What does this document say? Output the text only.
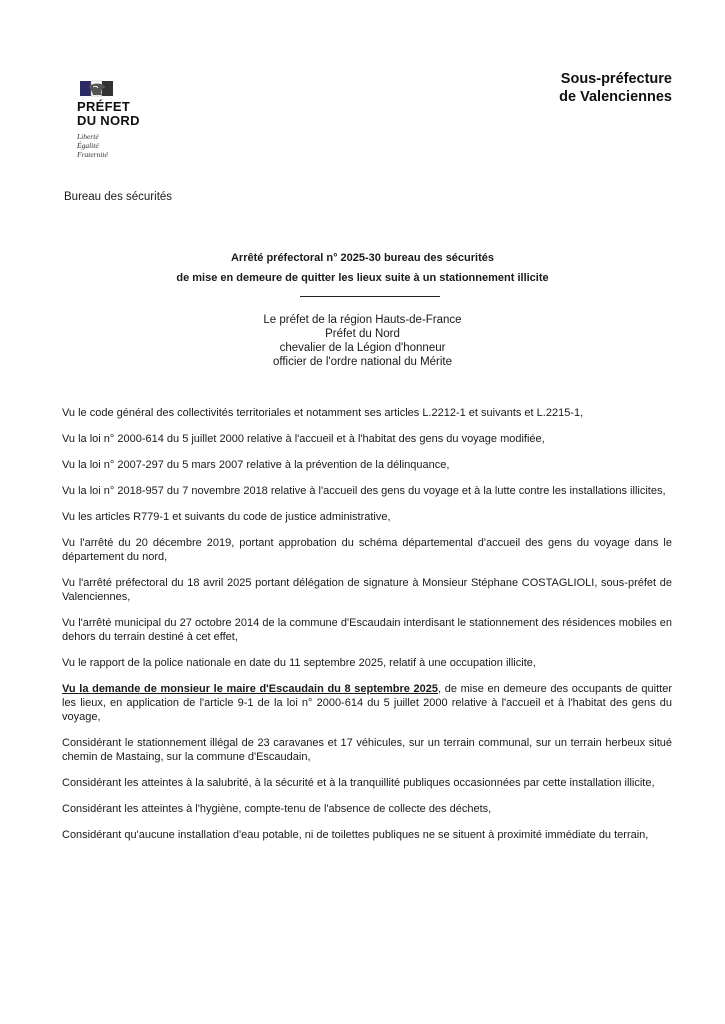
PRÉFET
DU NORD
Liberté
Égalité
Fraternité
Sous-préfecture
de Valenciennes
Bureau des sécurités
Arrêté préfectoral n° 2025-30 bureau des sécurités
de mise en demeure de quitter les lieux suite à un stationnement illicite
Le préfet de la région Hauts-de-France
Préfet du Nord
chevalier de la Légion d'honneur
officier de l'ordre national du Mérite

Vu le code général des collectivités territoriales et notamment ses articles L.2212-1 et suivants et L.2215-1,

Vu la loi n° 2000-614 du 5 juillet 2000 relative à l'accueil et à l'habitat des gens du voyage modifiée,

Vu la loi n° 2007-297 du 5 mars 2007 relative à la prévention de la délinquance,

Vu la loi n° 2018-957 du 7 novembre 2018 relative à l'accueil des gens du voyage et à la lutte contre les installations illicites,

Vu les articles R779-1 et suivants du code de justice administrative,

Vu l'arrêté du 20 décembre 2019, portant approbation du schéma départemental d'accueil des gens du voyage dans le département du nord,

Vu l'arrêté préfectoral du 18 avril 2025 portant délégation de signature à Monsieur Stéphane COSTAGLIOLI, sous-préfet de Valenciennes,

Vu l'arrêté municipal du 27 octobre 2014 de la commune d'Escaudain interdisant le stationnement des résidences mobiles en dehors du terrain destiné à cet effet,

Vu le rapport de la police nationale en date du 11 septembre 2025, relatif à une occupation illicite,

Vu la demande de monsieur le maire d'Escaudain du 8 septembre 2025, de mise en demeure des occupants de quitter les lieux, en application de l'article 9-1 de la loi n° 2000-614 du 5 juillet 2000 relative à l'accueil et à l'habitat des gens du voyage,

Considérant le stationnement illégal de 23 caravanes et 17 véhicules, sur un terrain communal, sur un terrain herbeux situé chemin de Mastaing, sur la commune d'Escaudain,

Considérant les atteintes à la salubrité, à la sécurité et à la tranquillité publiques occasionnées par cette installation illicite,

Considérant les atteintes à l'hygiène, compte-tenu de l'absence de collecte des déchets,

Considérant qu'aucune installation d'eau potable, ni de toilettes publiques ne se situent à proximité immédiate du terrain,
